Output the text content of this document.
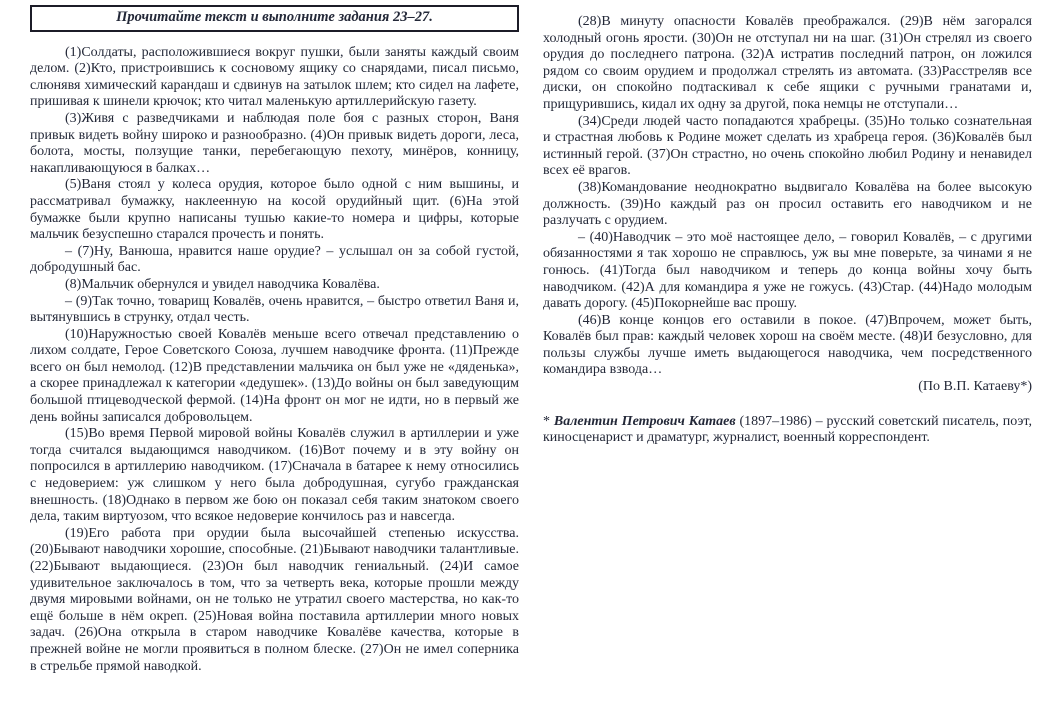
Прочитайте текст и выполните задания 23–27.

(1)Солдаты, расположившиеся вокруг пушки, были заняты каждый своим делом. (2)Кто, пристроившись к сосновому ящику со снарядами, писал письмо, слюнявя химический карандаш и сдвинув на затылок шлем; кто сидел на лафете, пришивая к шинели крючок; кто читал маленькую артиллерийскую газету.

(3)Живя с разведчиками и наблюдая поле боя с разных сторон, Ваня привык видеть войну широко и разнообразно. (4)Он привык видеть дороги, леса, болота, мосты, ползущие танки, перебегающую пехоту, минёров, конницу, накапливающуюся в балках…

(5)Ваня стоял у колеса орудия, которое было одной с ним вышины, и рассматривал бумажку, наклеенную на косой орудийный щит. (6)На этой бумажке были крупно написаны тушью какие-то номера и цифры, которые мальчик безуспешно старался прочесть и понять.

– (7)Ну, Ванюша, нравится наше орудие? – услышал он за собой густой, добродушный бас.

(8)Мальчик обернулся и увидел наводчика Ковалёва.

– (9)Так точно, товарищ Ковалёв, очень нравится, – быстро ответил Ваня и, вытянувшись в струнку, отдал честь.

(10)Наружностью своей Ковалёв меньше всего отвечал представлению о лихом солдате, Герое Советского Союза, лучшем наводчике фронта. (11)Прежде всего он был немолод. (12)В представлении мальчика он был уже не «дяденька», а скорее принадлежал к категории «дедушек». (13)До войны он был заведующим большой птицеводческой фермой. (14)На фронт он мог не идти, но в первый же день войны записался добровольцем.

(15)Во время Первой мировой войны Ковалёв служил в артиллерии и уже тогда считался выдающимся наводчиком. (16)Вот почему и в эту войну он попросился в артиллерию наводчиком. (17)Сначала в батарее к нему относились с недоверием: уж слишком у него была добродушная, сугубо гражданская внешность. (18)Однако в первом же бою он показал себя таким знатоком своего дела, таким виртуозом, что всякое недоверие кончилось раз и навсегда.

(19)Его работа при орудии была высочайшей степенью искусства. (20)Бывают наводчики хорошие, способные. (21)Бывают наводчики талантливые. (22)Бывают выдающиеся. (23)Он был наводчик гениальный. (24)И самое удивительное заключалось в том, что за четверть века, которые прошли между двумя мировыми войнами, он не только не утратил своего мастерства, но как-то ещё больше в нём окреп. (25)Новая война поставила артиллерии много новых задач. (26)Она открыла в старом наводчике Ковалёве качества, которые в прежней войне не могли проявиться в полном блеске. (27)Он не имел соперника в стрельбе прямой наводкой.

(28)В минуту опасности Ковалёв преображался. (29)В нём загорался холодный огонь ярости. (30)Он не отступал ни на шаг. (31)Он стрелял из своего орудия до последнего патрона. (32)А истратив последний патрон, он ложился рядом со своим орудием и продолжал стрелять из автомата. (33)Расстреляв все диски, он спокойно подтаскивал к себе ящики с ручными гранатами и, прищурившись, кидал их одну за другой, пока немцы не отступали…

(34)Среди людей часто попадаются храбрецы. (35)Но только сознательная и страстная любовь к Родине может сделать из храбреца героя. (36)Ковалёв был истинный герой. (37)Он страстно, но очень спокойно любил Родину и ненавидел всех её врагов.

(38)Командование неоднократно выдвигало Ковалёва на более высокую должность. (39)Но каждый раз он просил оставить его наводчиком и не разлучать с орудием.

– (40)Наводчик – это моё настоящее дело, – говорил Ковалёв, – с другими обязанностями я так хорошо не справлюсь, уж вы мне поверьте, за чинами я не гонюсь. (41)Тогда был наводчиком и теперь до конца войны хочу быть наводчиком. (42)А для командира я уже не гожусь. (43)Стар. (44)Надо молодым давать дорогу. (45)Покорнейше вас прошу.

(46)В конце концов его оставили в покое. (47)Впрочем, может быть, Ковалёв был прав: каждый человек хорош на своём месте. (48)И безусловно, для пользы службы лучше иметь выдающегося наводчика, чем посредственного командира взвода…

(По В.П. Катаеву*)

* Валентин Петрович Катаев (1897–1986) – русский советский писатель, поэт, киносценарист и драматург, журналист, военный корреспондент.
